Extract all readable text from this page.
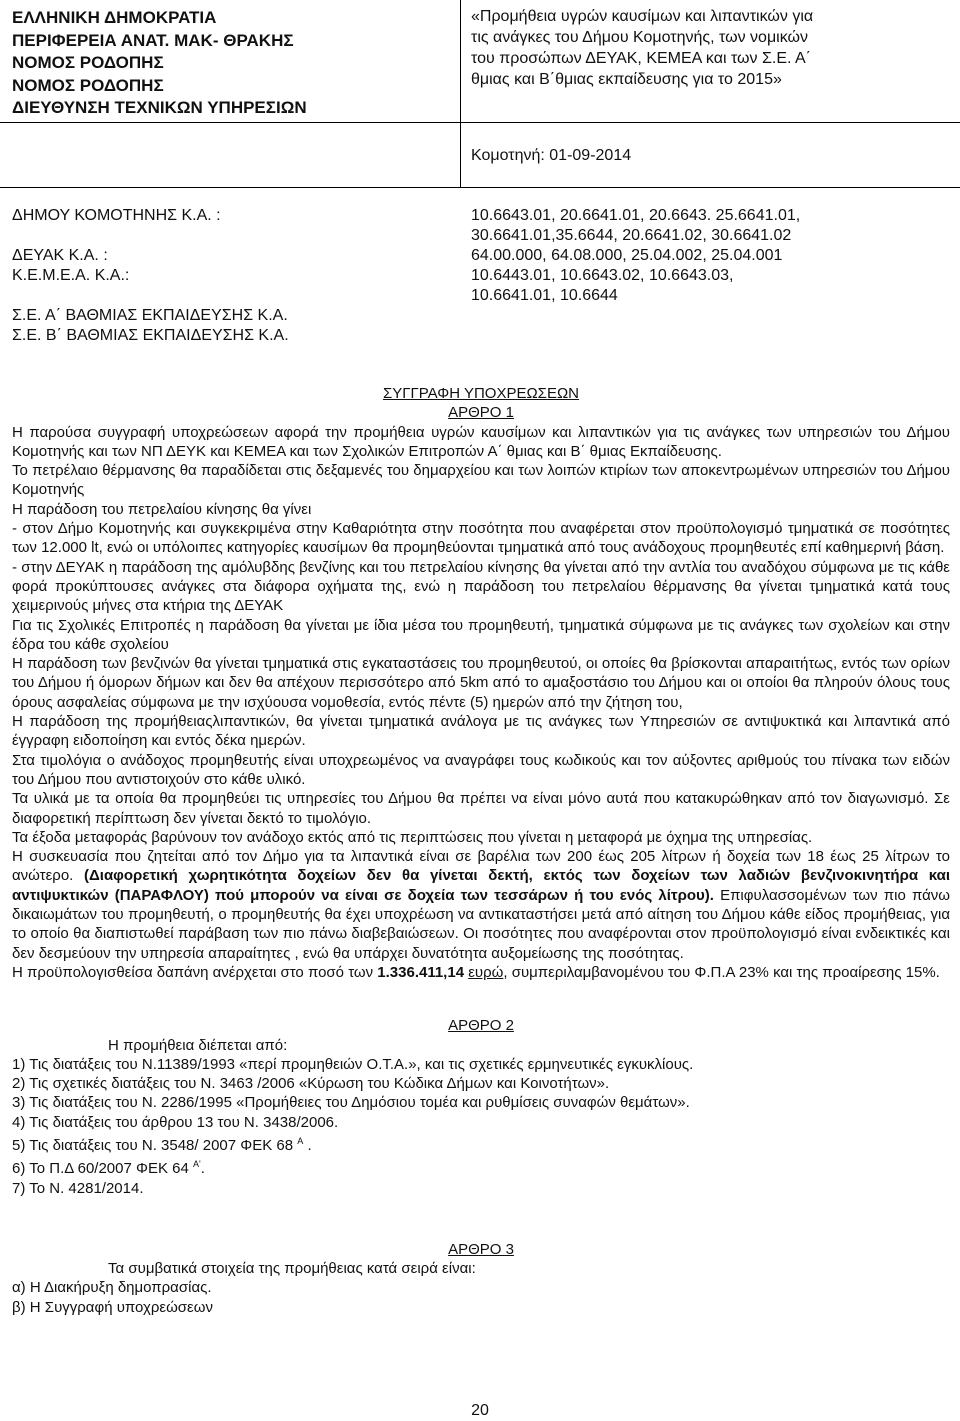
ΕΛΛΗΝΙΚΗ ΔΗΜΟΚΡΑΤΙΑ
ΠΕΡΙΦΕΡΕΙΑ ΑΝΑΤ. ΜΑΚ- ΘΡΑΚΗΣ
ΝΟΜΟΣ ΡΟΔΟΠΗΣ
ΝΟΜΟΣ ΡΟΔΟΠΗΣ
ΔΙΕΥΘΥΝΣΗ ΤΕΧΝΙΚΩΝ ΥΠΗΡΕΣΙΩΝ
«Προμήθεια υγρών καυσίμων και λιπαντικών για
τις ανάγκες του Δήμου Κομοτηνής, των νομικών
του προσώπων ΔΕΥΑΚ, ΚΕΜΕΑ και των Σ.Ε. Α΄
θμιας και Β΄θμιας εκπαίδευσης για το 2015»
Κομοτηνή: 01-09-2014
ΔΗΜΟΥ ΚΟΜΟΤΗΝΗΣ Κ.Α. :	10.6643.01, 20.6641.01, 20.6643. 25.6641.01,
30.6641.01,35.6644, 20.6641.02, 30.6641.02
ΔΕΥΑΚ Κ.Α. :	64.00.000, 64.08.000, 25.04.002, 25.04.001
Κ.Ε.Μ.Ε.Α. Κ.Α.:	10.6443.01, 10.6643.02, 10.6643.03,
10.6641.01, 10.6644
Σ.Ε. Α΄ ΒΑΘΜΙΑΣ ΕΚΠΑΙΔΕΥΣΗΣ Κ.Α.

Σ.Ε. Β΄ ΒΑΘΜΙΑΣ ΕΚΠΑΙΔΕΥΣΗΣ Κ.Α.

ΣΥΓΓΡΑΦΗ ΥΠΟΧΡΕΩΣΕΩΝ

ΑΡΘΡΟ 1

Η παρούσα συγγραφή υποχρεώσεων αφορά την προμήθεια υγρών καυσίμων και λιπαντικών για τις ανάγκες των υπηρεσιών του Δήμου Κομοτηνής και των ΝΠ ΔΕΥΚ και ΚΕΜΕΑ και των Σχολικών Επιτροπών Α΄ θμιας και Β΄ θμιας Εκπαίδευσης.

Το πετρέλαιο θέρμανσης θα παραδίδεται στις δεξαμενές του δημαρχείου και των λοιπών κτιρίων των αποκεντρωμένων υπηρεσιών του Δήμου Κομοτηνής

Η παράδοση του πετρελαίου κίνησης θα γίνει

- στον Δήμο Κομοτηνής και συγκεκριμένα στην Καθαριότητα στην ποσότητα που αναφέρεται στον προϋπολογισμό τμηματικά σε ποσότητες των 12.000 lt, ενώ οι υπόλοιπες κατηγορίες καυσίμων θα προμηθεύονται τμηματικά από τους ανάδοχους προμηθευτές επί καθημερινή βάση.

- στην ΔΕΥΑΚ η παράδοση της αμόλυβδης βενζίνης και του πετρελαίου κίνησης θα γίνεται από την αντλία του αναδόχου σύμφωνα με τις κάθε φορά προκύπτουσες ανάγκες στα διάφορα οχήματα της, ενώ η παράδοση του πετρελαίου θέρμανσης θα γίνεται τμηματικά κατά τους χειμερινούς μήνες στα κτήρια της ΔΕΥΑΚ

Για τις Σχολικές Επιτροπές η παράδοση θα γίνεται με ίδια μέσα του προμηθευτή, τμηματικά σύμφωνα με τις ανάγκες των σχολείων και στην έδρα του κάθε σχολείου

Η παράδοση των βενζινών θα γίνεται τμηματικά στις εγκαταστάσεις του προμηθευτού, οι οποίες θα βρίσκονται απαραιτήτως, εντός των ορίων του Δήμου ή όμορων δήμων και δεν θα απέχουν περισσότερο από 5km από το αμαξοστάσιο του Δήμου και οι οποίοι θα πληρούν όλους τους όρους ασφαλείας σύμφωνα με την ισχύουσα νομοθεσία, εντός πέντε (5) ημερών από την ζήτηση του,

Η παράδοση της προμήθειαςλιπαντικών, θα γίνεται τμηματικά ανάλογα με τις ανάγκες των Υπηρεσιών σε αντιψυκτικά και λιπαντικά από έγγραφη ειδοποίηση και εντός δέκα ημερών.

Στα τιμολόγια ο ανάδοχος προμηθευτής είναι υποχρεωμένος να αναγράφει τους κωδικούς και τον αύξοντες αριθμούς του πίνακα των ειδών του Δήμου που αντιστοιχούν στο κάθε υλικό.

Τα υλικά με τα οποία θα προμηθεύει τις υπηρεσίες του Δήμου θα πρέπει να είναι μόνο αυτά που κατακυρώθηκαν από τον διαγωνισμό. Σε διαφορετική περίπτωση δεν γίνεται δεκτό το τιμολόγιο.

Τα έξοδα μεταφοράς βαρύνουν τον ανάδοχο εκτός από τις περιπτώσεις που γίνεται η μεταφορά με όχημα της υπηρεσίας.

Η συσκευασία που ζητείται από τον Δήμο για τα λιπαντικά είναι σε βαρέλια των 200 έως 205 λίτρων ή δοχεία των 18 έως 25 λίτρων το ανώτερο. (Διαφορετική χωρητικότητα δοχείων δεν θα γίνεται δεκτή, εκτός των δοχείων των λαδιών βενζινοκινητήρα και αντιψυκτικών (ΠΑΡΑΦΛΟΥ) πού μπορούν να είναι σε δοχεία των τεσσάρων ή του ενός λίτρου). Επιφυλασσομένων των πιο πάνω δικαιωμάτων του προμηθευτή, ο προμηθευτής θα έχει υποχρέωση να αντικαταστήσει μετά από αίτηση του Δήμου κάθε είδος προμήθειας, για το οποίο θα διαπιστωθεί παράβαση των πιο πάνω διαβεβαιώσεων. Οι ποσότητες που αναφέρονται στον προϋπολογισμό είναι ενδεικτικές και δεν δεσμεύουν την υπηρεσία απαραίτητες , ενώ θα υπάρχει δυνατότητα αυξομείωσης της ποσότητας.

Η προϋπολογισθείσα δαπάνη ανέρχεται στο ποσό των 1.336.411,14 ευρώ, συμπεριλαμβανομένου του Φ.Π.Α 23% και της προαίρεσης 15%.

ΑΡΘΡΟ 2

Η προμήθεια διέπεται από:

1) Τις διατάξεις του Ν.11389/1993 «περί προμηθειών Ο.Τ.Α.», και τις σχετικές ερμηνευτικές εγκυκλίους.
2) Τις σχετικές διατάξεις του Ν. 3463 /2006 «Κύρωση του Κώδικα Δήμων και Κοινοτήτων».
3) Τις διατάξεις του Ν. 2286/1995 «Προμήθειες του Δημόσιου τομέα και ρυθμίσεις συναφών θεμάτων».
4) Τις διατάξεις του άρθρου 13 του Ν. 3438/2006.
5) Τις διατάξεις του Ν. 3548/ 2007 ΦΕΚ 68 $^A$ .
6) Το Π.Δ 60/2007 ΦΕΚ 64 $^{A'}$.
7) Το Ν. 4281/2014.

ΑΡΘΡΟ 3

Τα συμβατικά στοιχεία της προμήθειας κατά σειρά είναι:

α) Η Διακήρυξη δημοπρασίας.

β) Η Συγγραφή υποχρεώσεων

20
